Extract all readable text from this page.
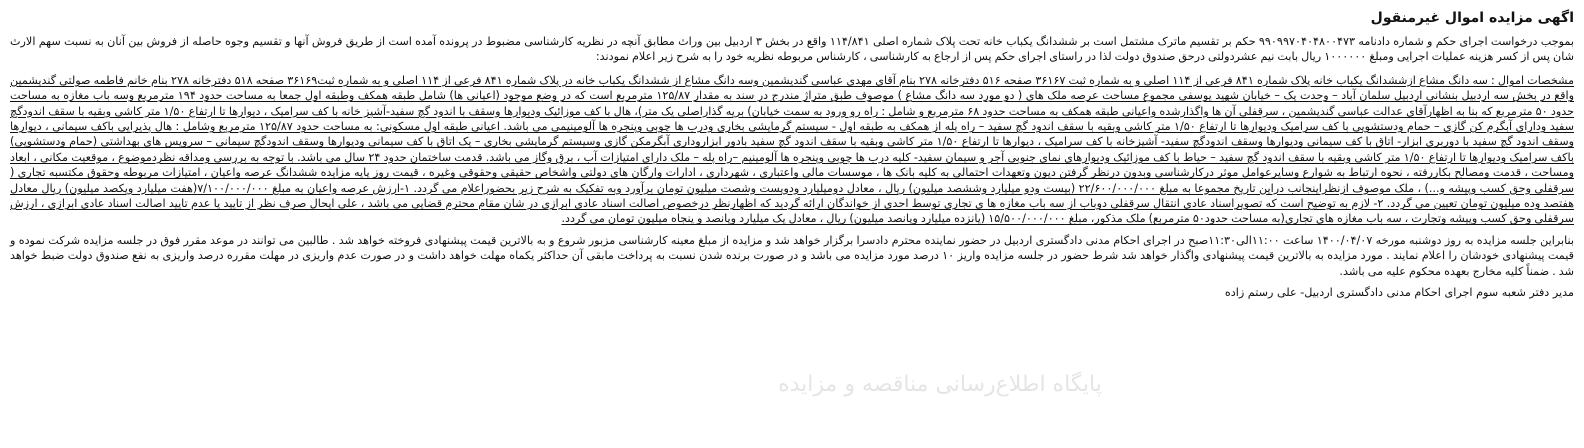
اگهی مزایده اموال غیرمنقول

بموجب درخواست اجرای حکم و شماره دادنامه ۹۹۰۹۹۷۰۴۰۴۸۰۰۴۷۳ حکم بر تقسیم ماترک مشتمل است بر ششدانگ یکباب خانه تحت پلاک شماره اصلی ۱۱۴/۸۴۱ واقع در بخش ۳ اردبیل بین وراث مطابق آنچه در نظریه کارشناسی مضبوط در پرونده آمده است از طریق فروش آنها و تقسیم وجوه حاصله از فروش بین آنان به نسبت سهم الارث شان پس از کسر هزینه عملیات اجرایی ومبلغ ۱۰۰۰۰۰۰ ریال بابت نیم عشردولتی درحق صندوق دولت لذا در راستای اجرای حکم پس از ارجاع به کارشناسی ، کارشناس مربوطه نظریه خود را به شرح زیر اعلام نمودند:

مشخصات اموال : سه دانگ مشاع ازششدانگ یکباب خانه پلاک شماره ۸۴۱ فرعی از ۱۱۴ اصلی و به شماره ثبت ۳۶۱۶۷ صفحه ۵۱۶ دفترخانه ۲۷۸ بنام آقای مهدی عباسی گندیشمین وسه دانگ مشاع از ششدانگ یکباب خانه در پلاک شماره ۸۴۱ فرعی از ۱۱۴ اصلی و به شماره ثبت۳۶۱۶۹ صفحه ۵۱۸ دفترخانه ۲۷۸ بنام خانم فاطمه صولتی گندیشمین واقع در بخش سه اردبیل بنشانی اردبیل سلمان آباد – وحدت یک – خیابان شهید یوسفی مجموع مساحت عرصه ملک های ( دو مورد سه دانگ مشاع ) موصوف طبق متراژ مندرج در سند به مقدار ۱۲۵/۸۷ مترمربع است که در وضع موجود (اعیانی ها) شامل طبقه همکف وطبقه اول جمعا به مساحت حدود ۱۹۴ مترمربع وسه باب مغازه به مساحت حدود ۵۰ مترمربع که بنا به اظهارآقای عدالت عباسی گندیشمین ، سرقفلی آن ها واگذارشده واعیانی طبقه همکف به مساحت حدود ۶۸ مترمربع و شامل : راه رو ورود به سمت خیابان) بریه گذاراصلی یک متر)، هال با کف موزائیک ودیوارها وسقف با اندود گچ سفید-آشپز خانه با کف سرامیک ، دیوارها تا ارتفاع ۱/۵۰ متر کاشی وبقیه با سقف اندودگچ سفید ودارای آبگرم کن گازی – حمام ودستشویی با کف سرامیک ودیوارها تا ارتفاع ۱/۵۰ متر کاشی وبقیه با سقف اندود گچ سفید – راه پله از همکف به طبقه اول - سیستم گرمایشی بخاری ودرب ها چوبی وپنجره ها آلومینیمی می باشد. اعیانی طبقه اول مسکونی: به مساحت حدود ۱۲۵/۸۷ مترمربع وشامل : هال پذیرایی باکف سیمانی ، دیوارها وسقف اندود گچ سفید با دوربری ابزار- اتاق با کف سیمانی ودیوارها وسقف اندودگچ سفید- آشپزخانه با کف سرامیک ، دیوارها تا ارتفاع ۱/۵۰ متر کاشی وبقیه با سقف اندود گچ سفید بادور ابزاروداری آبگرمکن گازی وسیستم گرمایشی بخاری – یک اتاق با کف سیمانی ودیوارها وسقف اندودگچ سیمانی – سرویس های بهداشتی (حمام ودستشویی) باکف سرامیک ودیوارها تا ارتفاع ۱/۵۰ متر کاشی وبقیه با سقف اندود گچ سفید – حیاط با کف موزائیک ودیوارهای نمای جنوبی آجر و سیمان سفید- کلیه درب ها چوبی وپنجره ها آلومینیم –راه پله – ملک دارای امتیازات آب ، برق وگاز می باشد. قدمت ساختمان حدود ۲۴ سال می باشد. با توجه به بررسی ومداقه نظردموضوع ، موقعیت مکانی ، ابعاد ومساحت ، قدمت ومصالح بکاررفته ، نحوه ارتباط به شوارع وسایرعوامل موثر درکارشناسی وبدون درنظر گرفتن دیون وتعهدات احتمالی به کلیه بانک ها ، موسسات مالی واعتباری ، شهرداری ، ادارات وارگان های دولتی واشخاص حقیقی وحقوقی وغیره ، قیمت روز پایه مزایده ششدانگ عرصه واعیان ، امتیازات مربوطه وحقوق مکتسبه تجاری ( سرقفلی وحق کسب وپیشه و...) ، ملک موصوف ازنظراینجانب دراین تاریخ مجموعا به مبلغ ۲۲/۶۰۰/۰۰۰/۰۰۰ (بیست ودو میلیارد وششصد میلیون) ریال ، معادل دومیلیارد ودویست وشصت میلیون تومان برآورد وبه تفکیک به شرح زیر بحضوراعلام می گردد. ۱-ارزش عرصه واعیان به مبلغ ۷/۱۰۰/۰۰۰/۰۰۰(هفت میلیارد ویکصد میلیون) ریال معادل هفتصد وده میلیون تومان تعیین می گردد. ۲- لازم به توضیح است که تصویراسناد عادی انتقال سرقفلی دوباب از سه باب مغازه ها ی تجاری توسط احدی از خواندگان ارائه گردید که اظهارنظر درخصوص اصالت اسناد عادی ابرازی در شان مقام محترم قضایی می باشد ، علی ایحال صرف نظر از تایید یا عدم تایید اصالت اسناد عادی ابرازی ، ارزش سرقفلی وحق کسب وپیشه وتجارت ، سه باب مغازه های تجاری(به مساحت حدود۵۰ مترمربع) ملک مذکور، مبلغ ۱۵/۵۰۰/۰۰۰/۰۰۰ (پانزده میلیارد وپانصد میلیون) ریال ، معادل یک میلیارد وپانصد و پنجاه میلیون تومان می گردد.

بنابراین جلسه مزایده به روز دوشنبه مورخه ۱۴۰۰/۰۴/۰۷ ساعت ۱۱:۰۰الی۱۱:۳۰صبح در اجرای احکام مدنی دادگستری اردبیل در حضور نماینده محترم دادسرا برگزار خواهد شد و مزایده از مبلغ معینه کارشناسی مزبور شروع و به بالاترین قیمت پیشنهادی فروخته خواهد شد . طالبین می توانند در موعد مقرر فوق در جلسه مزایده شرکت نموده و قیمت پیشنهادی خودشان را اعلام نمایند . مورد مزایده به بالاترین قیمت پیشنهادی واگذار خواهد شد شرط حضور در جلسه مزایده واریز ۱۰ درصد مورد مزایده می باشد و در صورت برنده شدن نسبت به پرداخت مابقی آن حداکثر یکماه مهلت خواهد داشت و در صورت عدم واریزی در مهلت مقرره درصد واریزی به نفع صندوق دولت ضبط خواهد شد . ضمناً کلیه مخارج بعهده محکوم علیه می باشد.

مدیر دفتر شعبه سوم اجرای احکام مدنی دادگستری اردبیل- علی رستم زاده
پایگاه اطلاع‌رسانی مناقصه و مزایده
